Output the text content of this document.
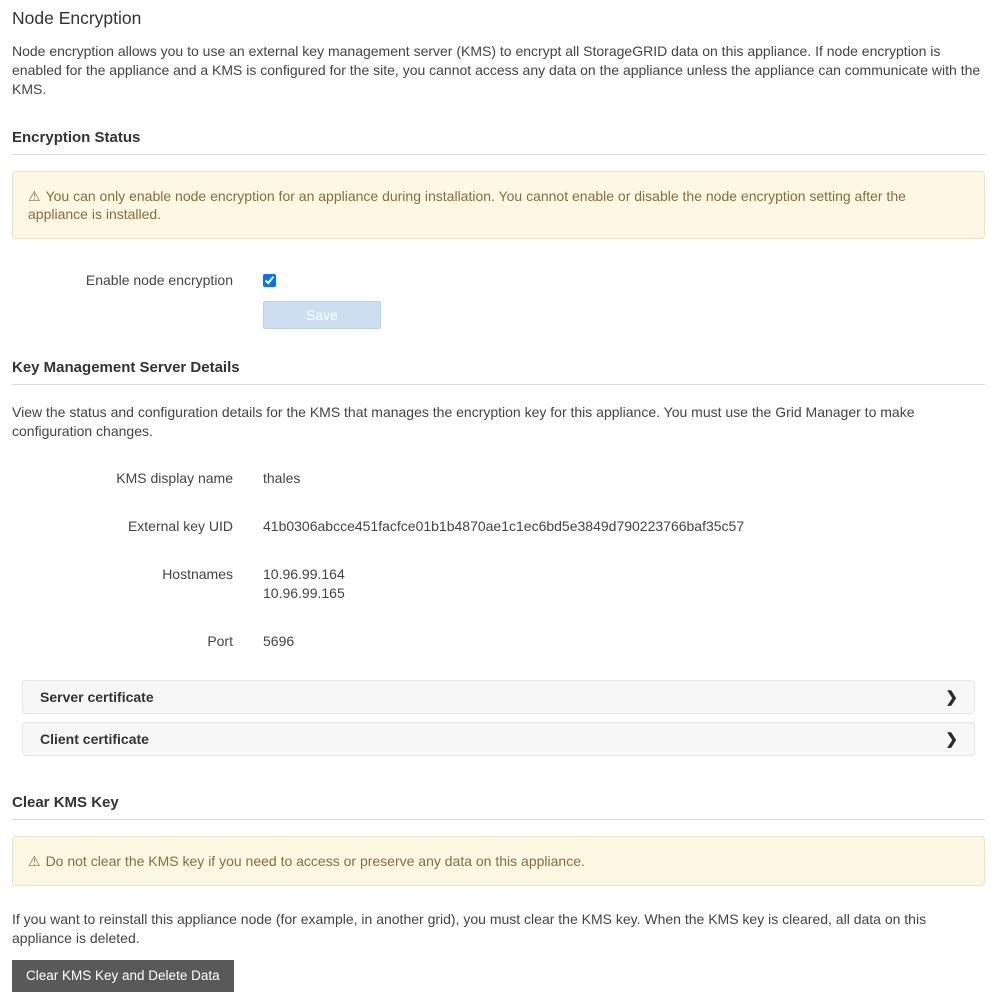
Node Encryption

Node encryption allows you to use an external key management server (KMS) to encrypt all StorageGRID data on this appliance. If node encryption is enabled for the appliance and a KMS is configured for the site, you cannot access any data on the appliance unless the appliance can communicate with the KMS.

Encryption Status
⚠ You can only enable node encryption for an appliance during installation. You cannot enable or disable the node encryption setting after the appliance is installed.
Enable node encryption
Save
Key Management Server Details

View the status and configuration details for the KMS that manages the encryption key for this appliance. You must use the Grid Manager to make configuration changes.

KMS display name thales
External key UID 41b0306abcce451facfce01b1b4870ae1c1ec6bd5e3849d790223766baf35c57
Hostnames 10.96.99.164
10.96.99.165
Port 5696
Server certificate	❯
Client certificate	❯
Clear KMS Key
⚠ Do not clear the KMS key if you need to access or preserve any data on this appliance.

If you want to reinstall this appliance node (for example, in another grid), you must clear the KMS key. When the KMS key is cleared, all data on this appliance is deleted.

Clear KMS Key and Delete Data
